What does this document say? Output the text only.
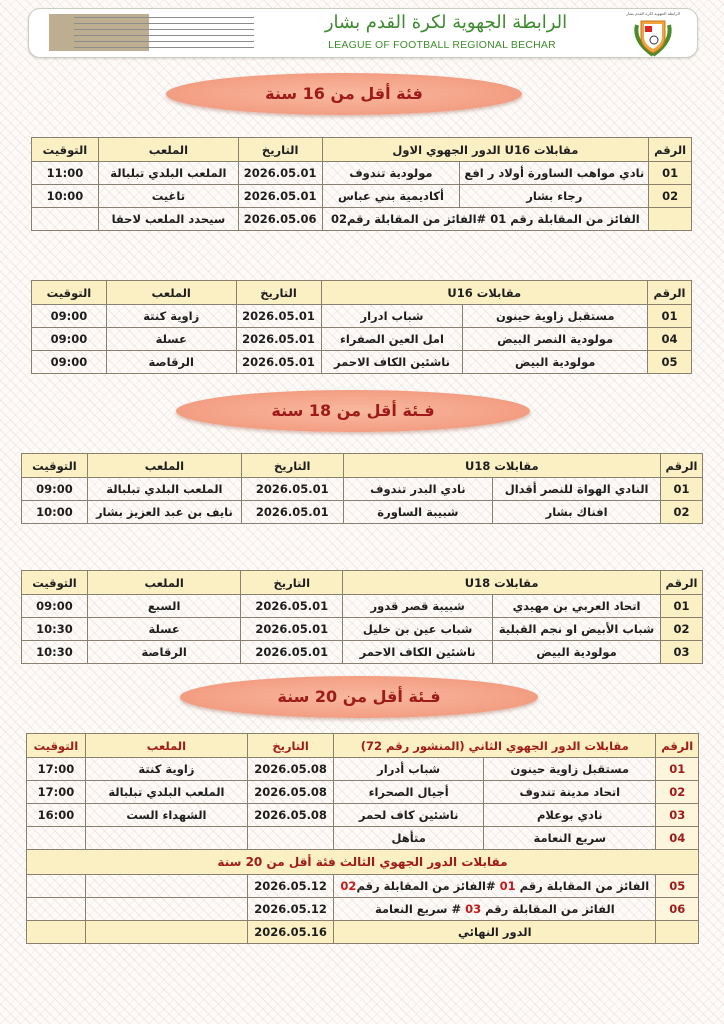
الرابطة الجهوية لكرة القدم بشار
LEAGUE OF FOOTBALL REGIONAL BECHAR
الرابطة الجهوية لكرة القدم بشار
فئة أقل من 16 سنة
الرقم	مقابلات U16 الدور الجهوي الاول		التاريخ	الملعب	التوقيت
01	نادي مواهب الساورة أولاد ر افع	مولودية تندوف	2026.05.01	الملعب البلدي تبلبالة	11:00
02	رجاء بشار	أكاديمية بني عباس	2026.05.01	تاغيت	10:00
	الفائز من المقابلة رقم 01 #الفائز من المقابلة رقم02		2026.05.06	سيحدد الملعب لاحقا	
الرقم	مقابلات U16		التاريخ	الملعب	التوقيت
01	مستقبل زاوية حينون	شباب ادرار	2026.05.01	زاوية كنتة	09:00
04	مولودية النصر البيض	امل العين الصفراء	2026.05.01	عسلة	09:00
05	مولودية البيض	ناشئين الكاف الاحمر	2026.05.01	الرقاصة	09:00
فـئة أقل من 18 سنة
الرقم	مقابلات U18		التاريخ	الملعب	التوقيت
01	النادي الهواة للنصر أقدال	نادي البدر تندوف	2026.05.01	الملعب البلدي تبلبالة	09:00
02	افناك بشار	شبيبة الساورة	2026.05.01	نايف بن عبد العزيز بشار	10:00
الرقم	مقابلات U18		التاريخ	الملعب	التوقيت
01	اتحاد العربي بن مهيدي	شبيبة قصر قدور	2026.05.01	السبع	09:00
02	شباب الأبيض او نجم القبلية	شباب عين بن خليل	2026.05.01	عسلة	10:30
03	مولودية البيض	ناشئين الكاف الاحمر	2026.05.01	الرقاصة	10:30
فـئة أقل من 20 سنة
الرقم	مقابلات الدور الجهوي الثاني (المنشور رقم 72)		التاريخ	الملعب	التوقيت
01	مستقبل زاوية حينون	شباب أدرار	2026.05.08	زاوية كنتة	17:00
02	اتحاد مدينة تندوف	أجيال الصحراء	2026.05.08	الملعب البلدي تبلبالة	17:00
03	نادي بوعلام	ناشئين كاف لحمر	2026.05.08	الشهداء الست	16:00
04	سريع النعامة	متأهل			
مقابلات الدور الجهوي الثالث فئة أقل من 20 سنة					
05	الفائز من المقابلة رقم 01 #الفائز من المقابلة رقم02		2026.05.12		
06	الفائز من المقابلة رقم 03 # سريع النعامة		2026.05.12		
	الدور النهائي		2026.05.16		
